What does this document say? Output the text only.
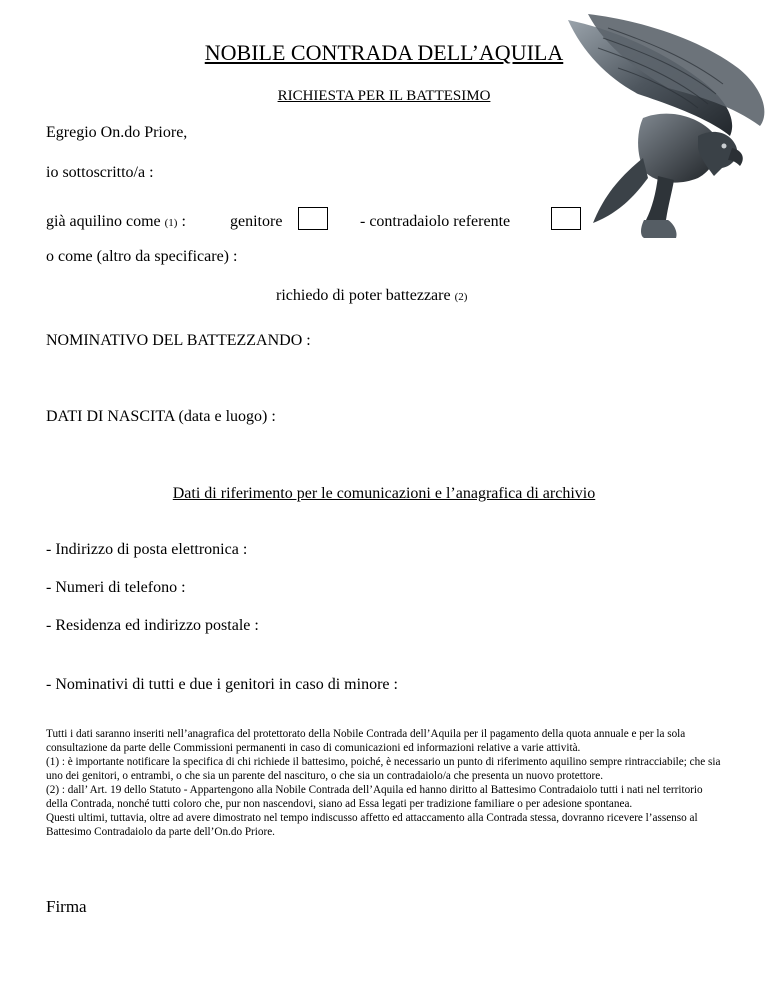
NOBILE CONTRADA DELL’AQUILA
RICHIESTA PER IL BATTESIMO
Egregio On.do Priore,
io sottoscritto/a :
già aquilino come (1) :	genitore	- contradaiolo referente
o come (altro da specificare) :
richiedo di poter battezzare (2)
NOMINATIVO DEL BATTEZZANDO :
DATI DI NASCITA (data e luogo) :
Dati di riferimento per le comunicazioni e l’anagrafica di archivio
- Indirizzo di posta elettronica :
- Numeri di telefono :
- Residenza ed indirizzo postale :
- Nominativi di tutti e due i genitori in caso di minore :

Tutti i dati saranno inseriti nell’anagrafica del protettorato della Nobile Contrada dell’Aquila per il pagamento della quota annuale e per la sola consultazione da parte delle Commissioni permanenti in caso di comunicazioni ed informazioni relative a varie attività.

(1) : è importante notificare la specifica di chi richiede il battesimo, poiché, è necessario un punto di riferimento aquilino sempre rintracciabile; che sia uno dei genitori, o entrambi, o che sia un parente del nascituro, o che sia un contradaiolo/a che presenta un nuovo protettore.

(2) : dall’ Art. 19 dello Statuto - Appartengono alla Nobile Contrada dell’Aquila ed hanno diritto al Battesimo Contradaiolo tutti i nati nel territorio della Contrada, nonché tutti coloro che, pur non nascendovi, siano ad Essa legati per tradizione familiare o per adesione spontanea.

Questi ultimi, tuttavia, oltre ad avere dimostrato nel tempo indiscusso affetto ed attaccamento alla Contrada stessa, dovranno ricevere l’assenso al Battesimo Contradaiolo da parte dell’On.do Priore.

Firma
